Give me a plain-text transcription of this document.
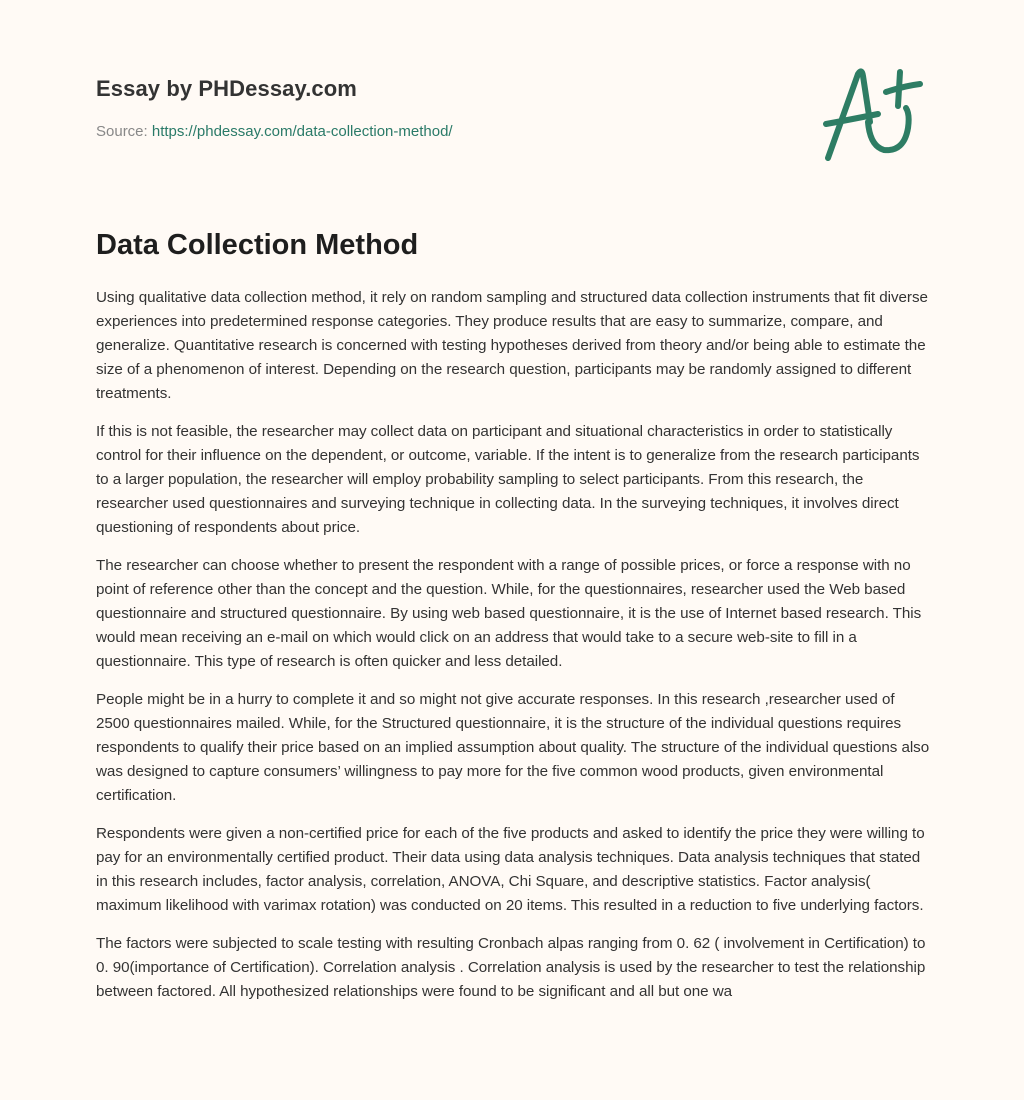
Essay by PHDessay.com
Source: https://phdessay.com/data-collection-method/
Data Collection Method

Using qualitative data collection method, it rely on random sampling and structured data collection instruments that fit diverse experiences into predetermined response categories. They produce results that are easy to summarize, compare, and generalize. Quantitative research is concerned with testing hypotheses derived from theory and/or being able to estimate the size of a phenomenon of interest. Depending on the research question, participants may be randomly assigned to different treatments.

If this is not feasible, the researcher may collect data on participant and situational characteristics in order to statistically control for their influence on the dependent, or outcome, variable. If the intent is to generalize from the research participants to a larger population, the researcher will employ probability sampling to select participants. From this research, the researcher used questionnaires and surveying technique in collecting data. In the surveying techniques, it involves direct questioning of respondents about price.

The researcher can choose whether to present the respondent with a range of possible prices, or force a response with no point of reference other than the concept and the question. While, for the questionnaires, researcher used the Web based questionnaire and structured questionnaire. By using web based questionnaire, it is the use of Internet based research. This would mean receiving an e-mail on which would click on an address that would take to a secure web-site to fill in a questionnaire. This type of research is often quicker and less detailed.

People might be in a hurry to complete it and so might not give accurate responses. In this research ,researcher used of 2500 questionnaires mailed. While, for the Structured questionnaire, it is the structure of the individual questions requires respondents to qualify their price based on an implied assumption about quality. The structure of the individual questions also was designed to capture consumers’ willingness to pay more for the five common wood products, given environmental certification.

Respondents were given a non-certified price for each of the five products and asked to identify the price they were willing to pay for an environmentally certified product. Their data using data analysis techniques. Data analysis techniques that stated in this research includes, factor analysis, correlation, ANOVA, Chi Square, and descriptive statistics. Factor analysis( maximum likelihood with varimax rotation) was conducted on 20 items. This resulted in a reduction to five underlying factors.

The factors were subjected to scale testing with resulting Cronbach alpas ranging from 0. 62 ( involvement in Certification) to 0. 90(importance of Certification). Correlation analysis . Correlation analysis is used by the researcher to test the relationship between factored. All hypothesized relationships were found to be significant and all but one wa
